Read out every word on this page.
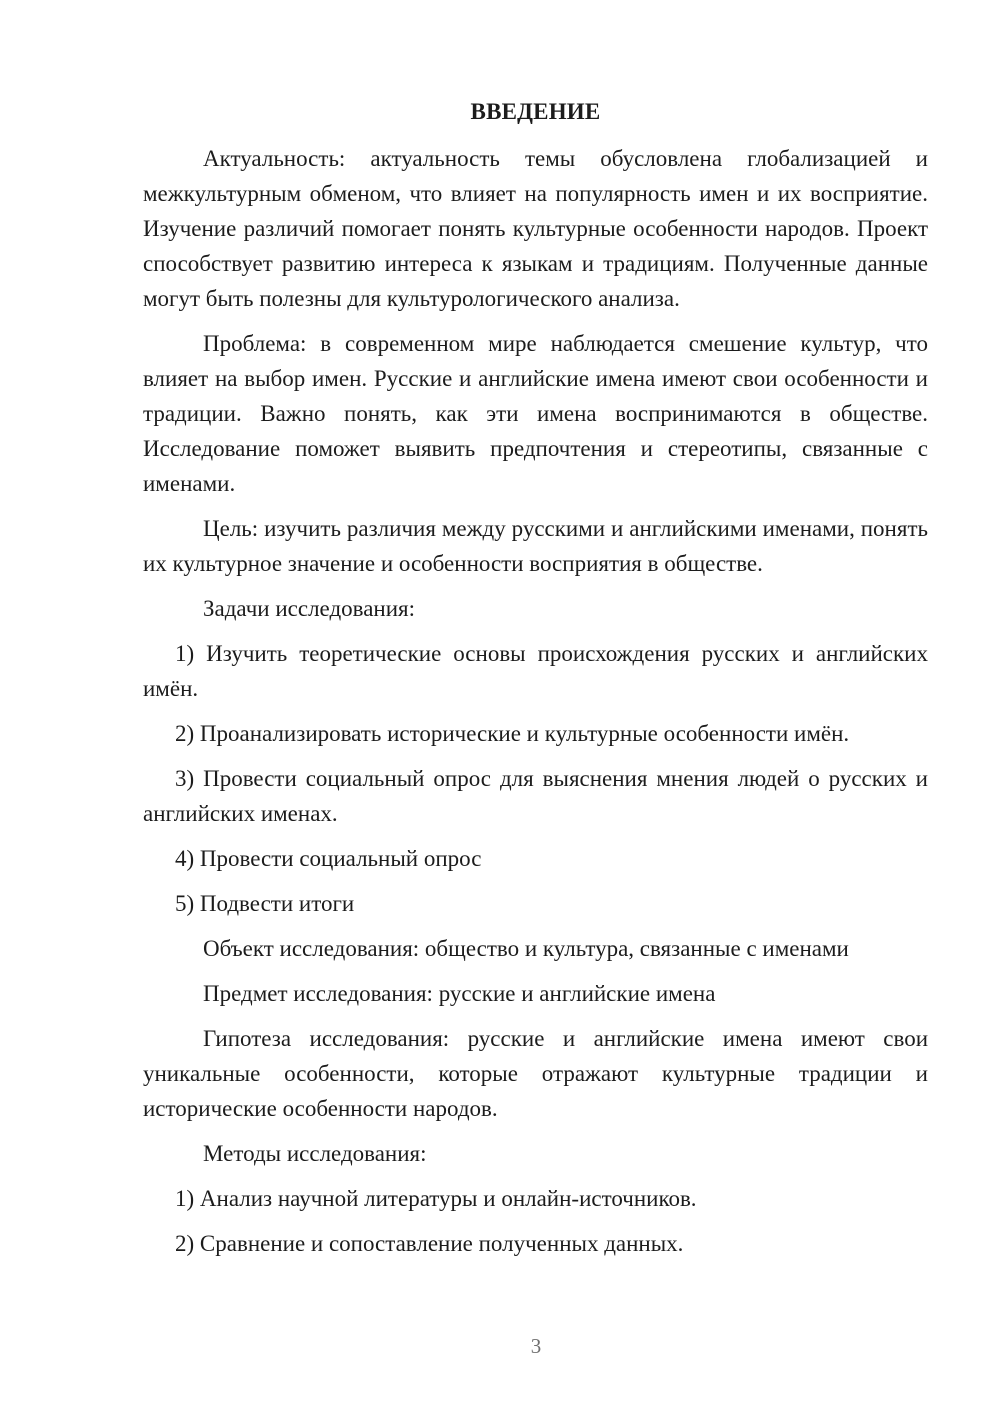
ВВЕДЕНИЕ

Актуальность: актуальность темы обусловлена глобализацией и межкультурным обменом, что влияет на популярность имен и их восприятие. Изучение различий помогает понять культурные особенности народов. Проект способствует развитию интереса к языкам и традициям. Полученные данные могут быть полезны для культурологического анализа.

Проблема: в современном мире наблюдается смешение культур, что влияет на выбор имен. Русские и английские имена имеют свои особенности и традиции. Важно понять, как эти имена воспринимаются в обществе. Исследование поможет выявить предпочтения и стереотипы, связанные с именами.

Цель: изучить различия между русскими и английскими именами, понять их культурное значение и особенности восприятия в обществе.

Задачи исследования:

1) Изучить теоретические основы происхождения русских и английских имён.

2) Проанализировать исторические и культурные особенности имён.

3) Провести социальный опрос для выяснения мнения людей о русских и английских именах.

4) Провести социальный опрос

5) Подвести итоги

Объект исследования: общество и культура, связанные с именами

Предмет исследования: русские и английские имена

Гипотеза исследования: русские и английские имена имеют свои уникальные особенности, которые отражают культурные традиции и исторические особенности народов.

Методы исследования:

1) Анализ научной литературы и онлайн-источников.

2) Сравнение и сопоставление полученных данных.

3
